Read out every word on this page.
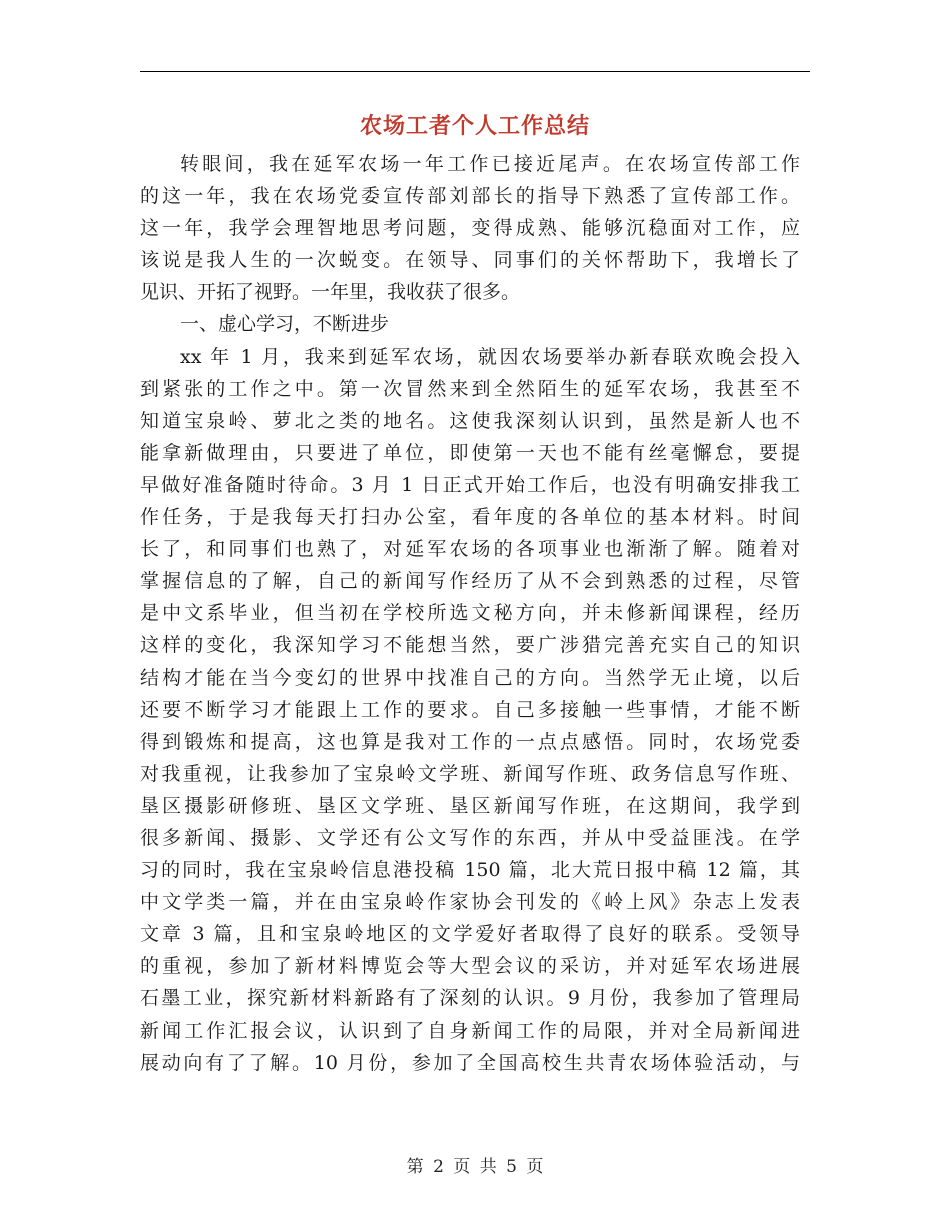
农场工者个人工作总结
转眼间，我在延军农场一年工作已接近尾声。在农场宣传部工作
的这一年，我在农场党委宣传部刘部长的指导下熟悉了宣传部工作。
这一年，我学会理智地思考问题，变得成熟、能够沉稳面对工作，应
该说是我人生的一次蜕变。在领导、同事们的关怀帮助下，我增长了
见识、开拓了视野。一年里，我收获了很多。
一、虚心学习，不断进步
xx 年 1 月，我来到延军农场，就因农场要举办新春联欢晚会投入
到紧张的工作之中。第一次冒然来到全然陌生的延军农场，我甚至不
知道宝泉岭、萝北之类的地名。这使我深刻认识到，虽然是新人也不
能拿新做理由，只要进了单位，即使第一天也不能有丝毫懈怠，要提
早做好准备随时待命。3 月 1 日正式开始工作后，也没有明确安排我工
作任务，于是我每天打扫办公室，看年度的各单位的基本材料。时间
长了，和同事们也熟了，对延军农场的各项事业也渐渐了解。随着对
掌握信息的了解，自己的新闻写作经历了从不会到熟悉的过程，尽管
是中文系毕业，但当初在学校所选文秘方向，并未修新闻课程，经历
这样的变化，我深知学习不能想当然，要广涉猎完善充实自己的知识
结构才能在当今变幻的世界中找准自己的方向。当然学无止境，以后
还要不断学习才能跟上工作的要求。自己多接触一些事情，才能不断
得到锻炼和提高，这也算是我对工作的一点点感悟。同时，农场党委
对我重视，让我参加了宝泉岭文学班、新闻写作班、政务信息写作班、
垦区摄影研修班、垦区文学班、垦区新闻写作班，在这期间，我学到
很多新闻、摄影、文学还有公文写作的东西，并从中受益匪浅。在学
习的同时，我在宝泉岭信息港投稿 150 篇，北大荒日报中稿 12 篇，其
中文学类一篇，并在由宝泉岭作家协会刊发的《岭上风》杂志上发表
文章 3 篇，且和宝泉岭地区的文学爱好者取得了良好的联系。受领导
的重视，参加了新材料博览会等大型会议的采访，并对延军农场进展
石墨工业，探究新材料新路有了深刻的认识。9 月份，我参加了管理局
新闻工作汇报会议，认识到了自身新闻工作的局限，并对全局新闻进
展动向有了了解。10 月份，参加了全国高校生共青农场体验活动，与
第 2 页 共 5 页
